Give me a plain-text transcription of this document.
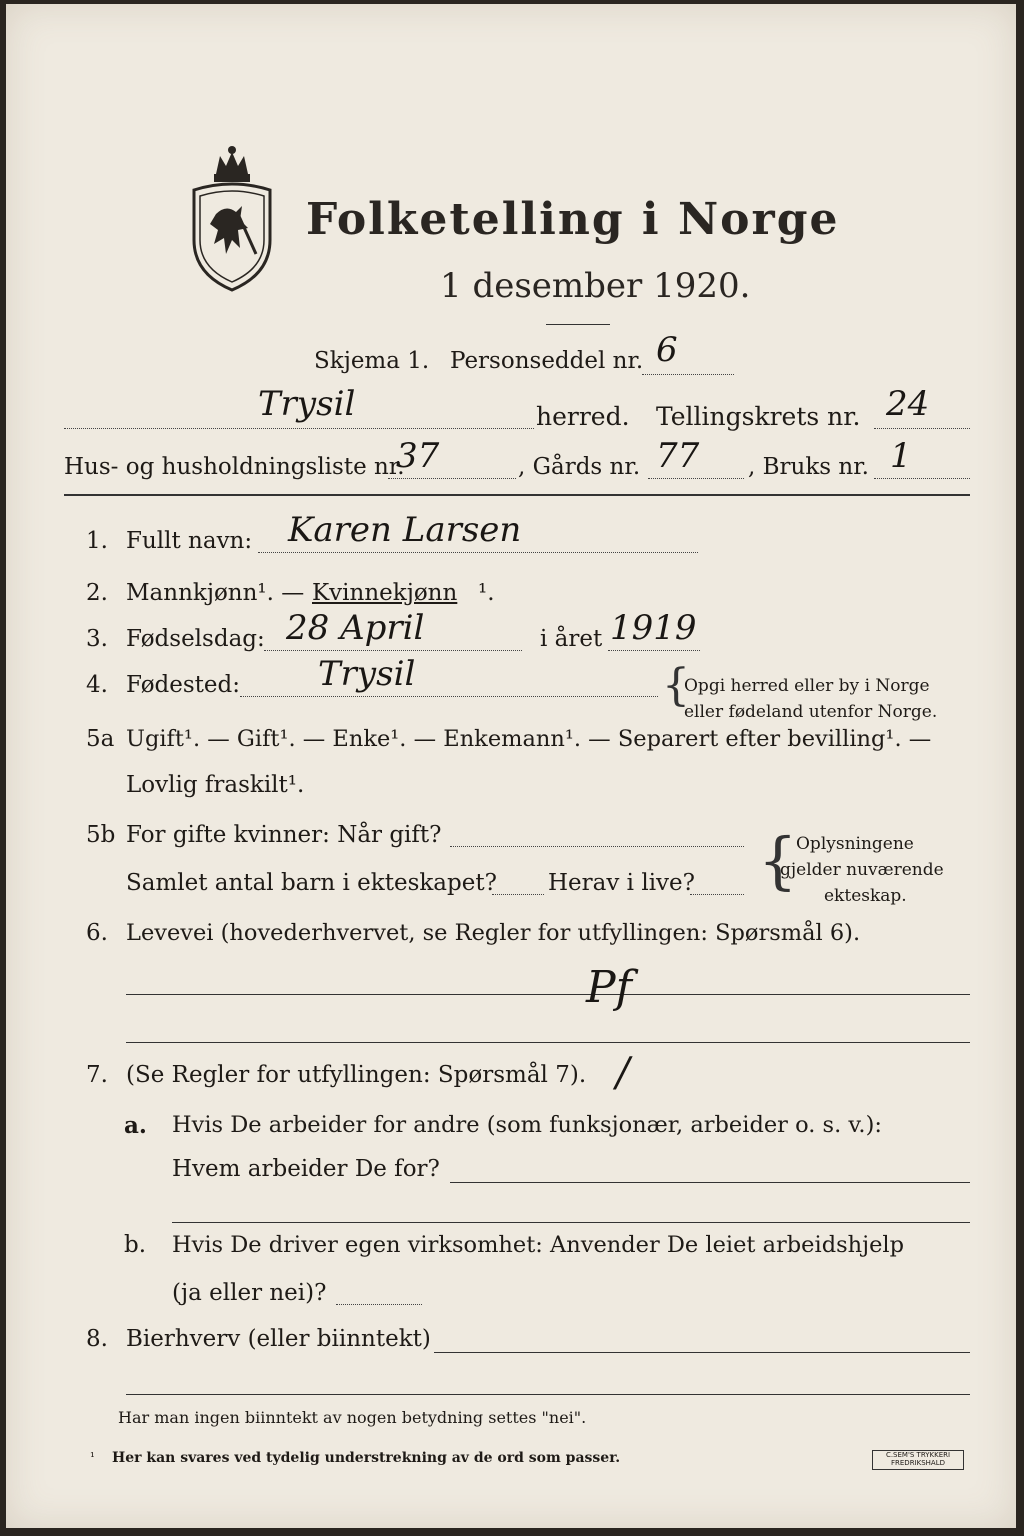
Folketelling i Norge
1 desember 1920.
Skjema 1. Personseddel nr. 6
Trysil	herred. Tellingskrets nr. 24
Hus- og husholdningsliste nr.
37	, Gårds nr. 77 , Bruks nr. 1
1. Fullt navn: Karen Larsen
2. Mannkjønn¹. — Kvinnekjønn ¹.
3. Fødselsdag: 28 April	i året 1919
4. Fødested: Trysil	{
Opgi herred eller by i Norge
eller fødeland utenfor Norge.
5a Ugift¹. — Gift¹. — Enke¹. — Enkemann¹. — Separert efter bevilling¹. —
Lovlig fraskilt¹.
5b For gifte kvinner: Når gift?
Samlet antal barn i ekteskapet? Herav i live? {
Oplysningene
gjelder nuværende
ekteskap.
6. Levevei (hovederhvervet, se Regler for utfyllingen: Spørsmål 6).
Pf
7. (Se Regler for utfyllingen: Spørsmål 7). /
a. Hvis De arbeider for andre (som funksjonær, arbeider o. s. v.):
Hvem arbeider De for?
b. Hvis De driver egen virksomhet: Anvender De leiet arbeidshjelp
(ja eller nei)?
8. Bierhverv (eller biinntekt)
Har man ingen biinntekt av nogen betydning settes "nei".
¹ Her kan svares ved tydelig understrekning av de ord som passer.	C.SEM'S TRYKKERI FREDRIKSHALD
